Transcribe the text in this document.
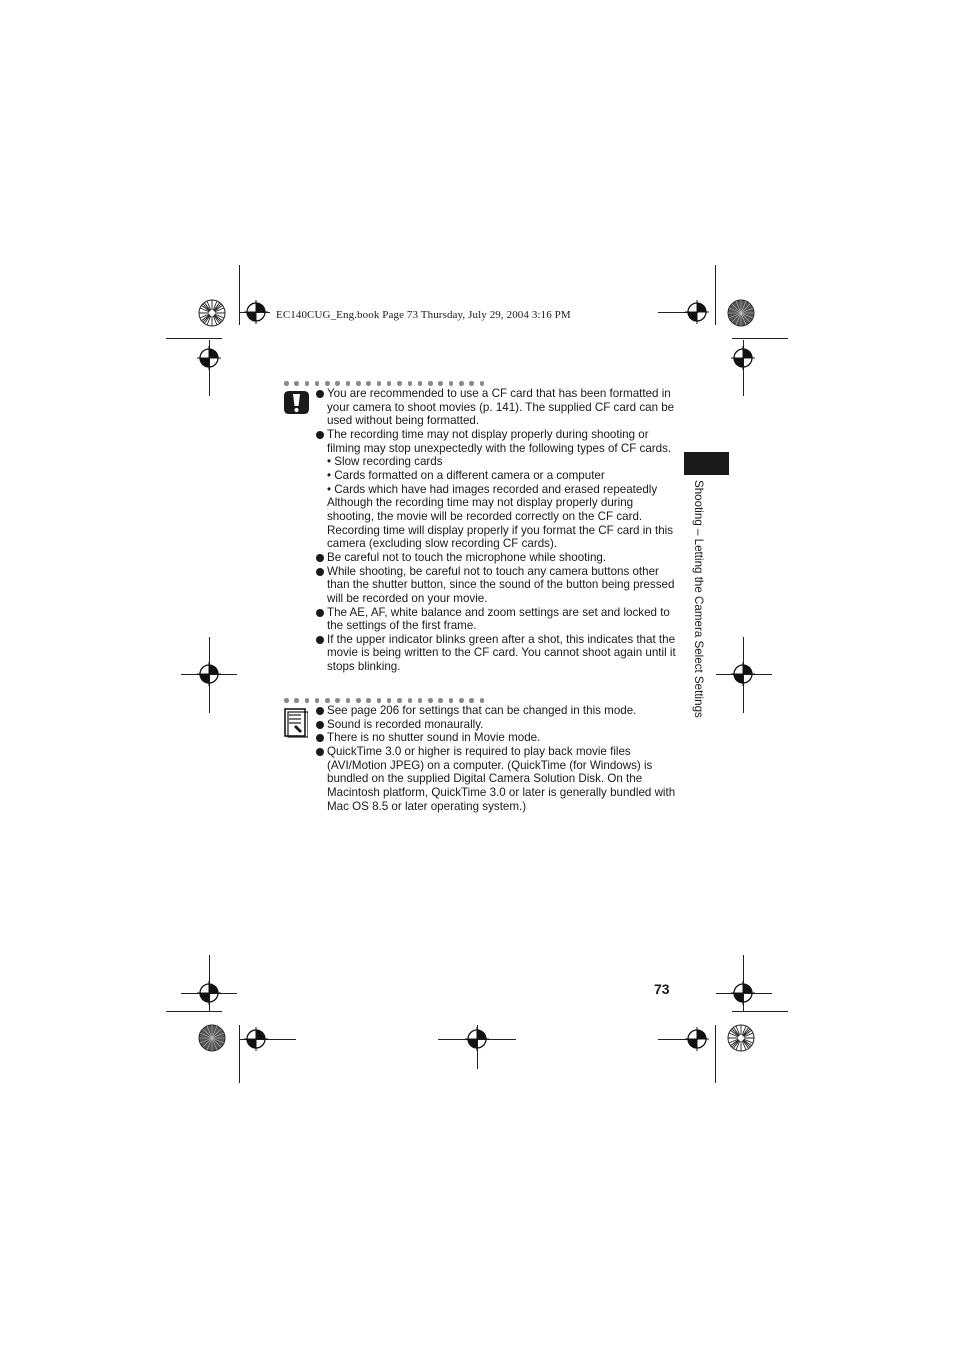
EC140CUG_Eng.book Page 73 Thursday, July 29, 2004 3:16 PM
You are recommended to use a CF card that has been formatted in your camera to shoot movies (p. 141). The supplied CF card can be used without being formatted.
The recording time may not display properly during shooting or filming may stop unexpectedly with the following types of CF cards.
• Slow recording cards
• Cards formatted on a different camera or a computer
• Cards which have had images recorded and erased repeatedly
Although the recording time may not display properly during shooting, the movie will be recorded correctly on the CF card. Recording time will display properly if you format the CF card in this camera (excluding slow recording CF cards).
Be careful not to touch the microphone while shooting.
While shooting, be careful not to touch any camera buttons other than the shutter button, since the sound of the button being pressed will be recorded on your movie.
The AE, AF, white balance and zoom settings are set and locked to the settings of the first frame.
If the upper indicator blinks green after a shot, this indicates that the movie is being written to the CF card. You cannot shoot again until it stops blinking.
See page 206 for settings that can be changed in this mode.
Sound is recorded monaurally.
There is no shutter sound in Movie mode.
QuickTime 3.0 or higher is required to play back movie files (AVI/Motion JPEG) on a computer. (QuickTime (for Windows) is bundled on the supplied Digital Camera Solution Disk. On the Macintosh platform, QuickTime 3.0 or later is generally bundled with Mac OS 8.5 or later operating system.)
Shooting – Letting the Camera Select Settings
73
